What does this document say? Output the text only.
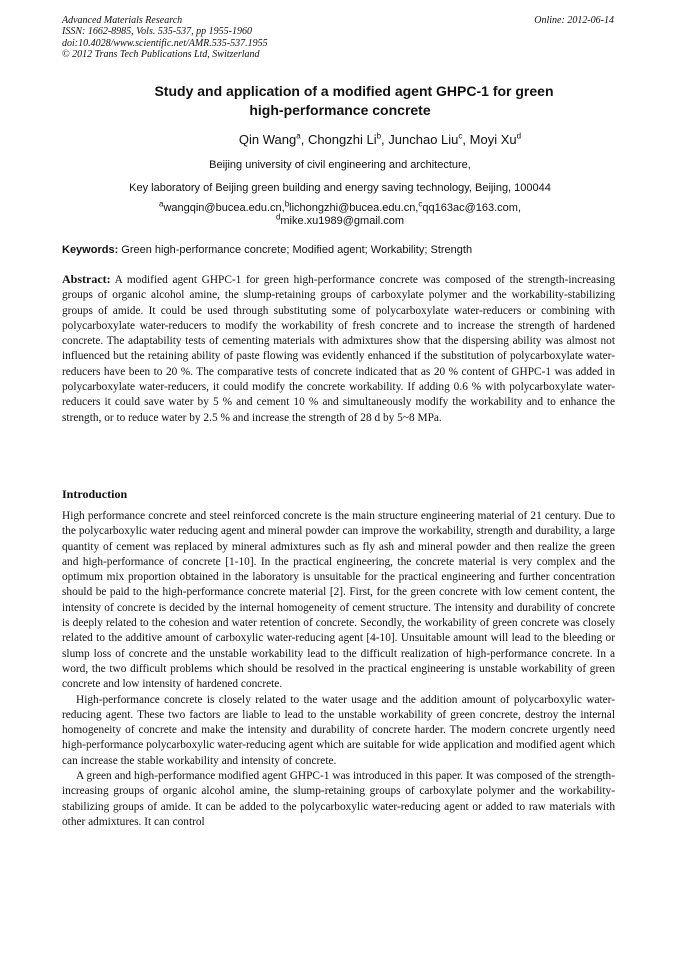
Advanced Materials Research
ISSN: 1662-8985, Vols. 535-537, pp 1955-1960
doi:10.4028/www.scientific.net/AMR.535-537.1955
© 2012 Trans Tech Publications Ltd, Switzerland
Online: 2012-06-14
Study and application of a modified agent GHPC-1 for green
high-performance concrete
Qin Wang$^a$, Chongzhi Li$^b$, Junchao Liu$^c$, Moyi Xu$^d$
Beijing university of civil engineering and architecture,
Key laboratory of Beijing green building and energy saving technology, Beijing, 100044
$^a$wangqin@bucea.edu.cn,$^b$lichongzhi@bucea.edu.cn,$^c$qq163ac@163.com,
$^d$mike.xu1989@gmail.com
Keywords: Green high-performance concrete; Modified agent; Workability; Strength

Abstract: A modified agent GHPC-1 for green high-performance concrete was composed of the strength-increasing groups of organic alcohol amine, the slump-retaining groups of carboxylate polymer and the workability-stabilizing groups of amide. It could be used through substituting some of polycarboxylate water-reducers or combining with polycarboxylate water-reducers to modify the workability of fresh concrete and to increase the strength of hardened concrete. The adaptability tests of cementing materials with admixtures show that the dispersing ability was almost not influenced but the retaining ability of paste flowing was evidently enhanced if the substitution of polycarboxylate water-reducers have been to 20 %. The comparative tests of concrete indicated that as 20 % content of GHPC-1 was added in polycarboxylate water-reducers, it could modify the concrete workability. If adding 0.6 % with polycarboxylate water-reducers it could save water by 5 % and cement 10 % and simultaneously modify the workability and to enhance the strength, or to reduce water by 2.5 % and increase the strength of 28 d by 5~8 MPa.

Introduction

High performance concrete and steel reinforced concrete is the main structure engineering material of 21 century. Due to the polycarboxylic water reducing agent and mineral powder can improve the workability, strength and durability, a large quantity of cement was replaced by mineral admixtures such as fly ash and mineral powder and then realize the green and high-performance of concrete [1-10]. In the practical engineering, the concrete material is very complex and the optimum mix proportion obtained in the laboratory is unsuitable for the practical engineering and further concentration should be paid to the high-performance concrete material [2]. First, for the green concrete with low cement content, the intensity of concrete is decided by the internal homogeneity of cement structure. The intensity and durability of concrete is deeply related to the cohesion and water retention of concrete. Secondly, the workability of green concrete was closely related to the additive amount of carboxylic water-reducing agent [4-10]. Unsuitable amount will lead to the bleeding or slump loss of concrete and the unstable workability lead to the difficult realization of high-performance concrete. In a word, the two difficult problems which should be resolved in the practical engineering is unstable workability of green concrete and low intensity of hardened concrete.

High-performance concrete is closely related to the water usage and the addition amount of polycarboxylic water-reducing agent. These two factors are liable to lead to the unstable workability of green concrete, destroy the internal homogeneity of concrete and make the intensity and durability of concrete harder. The modern concrete urgently need high-performance polycarboxylic water-reducing agent which are suitable for wide application and modified agent which can increase the stable workability and intensity of concrete.

A green and high-performance modified agent GHPC-1 was introduced in this paper. It was composed of the strength-increasing groups of organic alcohol amine, the slump-retaining groups of carboxylate polymer and the workability-stabilizing groups of amide. It can be added to the polycarboxylic water-reducing agent or added to raw materials with other admixtures. It can control
